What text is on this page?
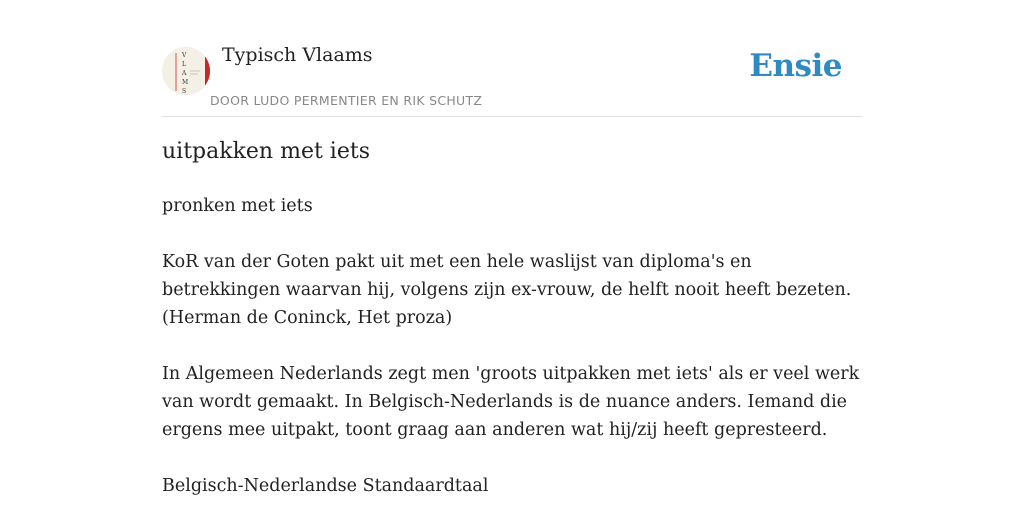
V
L
A
M
S
Typisch Vlaams
DOOR LUDO PERMENTIER EN RIK SCHUTZ
Ensie
uitpakken met iets

pronken met iets

KoR van der Goten pakt uit met een hele waslijst van diploma's en betrekkingen waarvan hij, volgens zijn ex-vrouw, de helft nooit heeft bezeten.

(Herman de Coninck, Het proza)

In Algemeen Nederlands zegt men 'groots uitpakken met iets' als er veel werk van wordt gemaakt. In Belgisch-Nederlands is de nuance anders. Iemand die ergens mee uitpakt, toont graag aan anderen wat hij/zij heeft gepresteerd.

Belgisch-Nederlandse Standaardtaal
